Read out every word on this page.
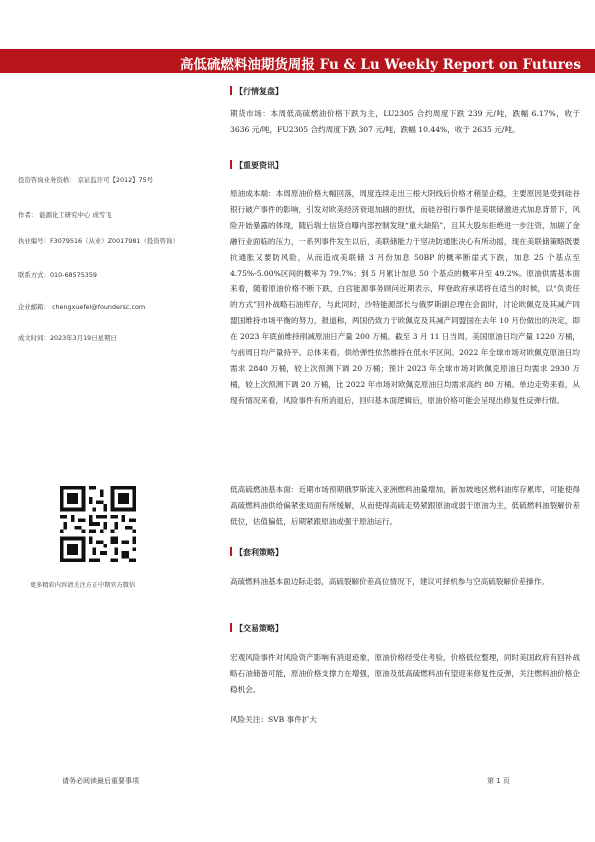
高低硫燃料油期货周报 Fu & Lu Weekly Report on Futures
投资咨询业务资格： 京证监许可【2012】75号
作者： 能源化工研究中心 成雪飞
执业编号：F3079516（从业）Z0017981（投资咨询）
联系方式：010-68575359
企业邮箱： chengxuefei@foundersc.com
成文时间：2023年3月19日星期日
更多精彩内容请关注方正中期官方微信
【行情复盘】
期货市场：本周低高硫燃油价格下跌为主，LU2305 合约周度下跌 239 元/吨，跌幅 6.17%，收于 3636 元/吨，FU2305 合约周度下跌 307 元/吨，跌幅 10.44%，收于 2635 元/吨。
【重要资讯】
原油成本端：本周原油价格大幅回落，周度连续走出三根大阴线后价格才稍显企稳，主要原因是受到硅谷银行破产事件的影响，引发对欧美经济衰退加剧的担忧，而硅谷银行事件是美联储激进式加息背景下，风险开始暴露的体现，随后瑞士信贷自曝内部控制发现“重大缺陷”，且其大股东拒绝进一步注资，加剧了金融行业面临的压力，一系列事件发生以后，美联储能力于坚决防通胀决心有所动摇，现在美联储策略既要抗通胀又要防风险，从而造成美联储 3 月份加息 50BP 的概率断崖式下跌，加息 25 个基点至 4.75%-5.00%区间的概率为 79.7%；到 5 月累计加息 50 个基点的概率升至 49.2%。原油供需基本面来看，随着原油价格不断下跌，白宫能源事务顾问近期表示，拜登政府承诺将在适当的时候，以“负责任的方式”回补战略石油库存，与此同时，沙特能源部长与俄罗斯副总理在会面时，讨论欧佩克及其减产同盟国维持市场平衡的努力，报道称，两国仍致力于欧佩克及其减产同盟国在去年 10 月份做出的决定，即在 2023 年底前维持削减原油日产量 200 万桶。截至 3 月 11 日当周，美国原油日均产量 1220 万桶，与前周日均产量持平。总体来看，供给弹性依然维持在低水平区间。2022 年全球市场对欧佩克原油日均需求 2840 万桶，较上次预测下调 20 万桶；预计 2023 年全球市场对欧佩克原油日均需求 2930 万桶，较上次预测下调 20 万桶，比 2022 年市场对欧佩克原油日均需求高约 80 万桶。单边走势来看，从现有情况来看，风险事件有所消退后，回归基本面逻辑后，原油价格可能会呈现出修复性反弹行情。
低高硫燃油基本面：近期市场预期俄罗斯流入亚洲燃料油量增加，新加坡地区燃料油库存累库，可能使得高硫燃料油供给偏紧张局面有所缓解，从而使得高硫走势紧跟原油或弱于原油为主，低硫燃料油裂解价差低位，估值偏低，后期紧跟原油或强于原油运行。
【套利策略】
高硫燃料油基本面边际走弱，高硫裂解价差高位情况下，建议可择机参与空高硫裂解价差操作。
【交易策略】
宏观风险事件对风险资产影响有消退迹象，原油价格经受住考验，价格低位整理，同时美国政府有回补战略石油储备可能，原油价格支撑力在增强，原油及低高硫燃料油有望迎来修复性反弹，关注燃料油价格企稳机会。
风险关注：SVB 事件扩大
请务必阅读最后重要事项	第 1 页
